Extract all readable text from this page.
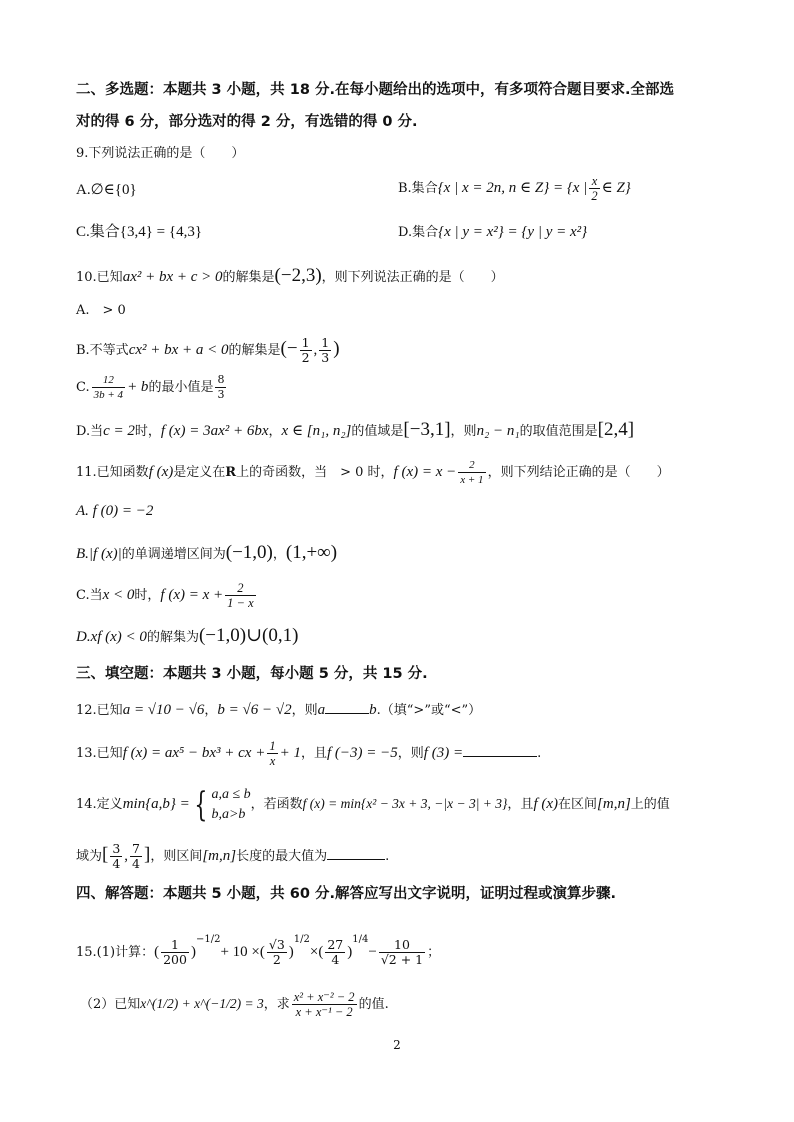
二、多选题：本题共 3 小题，共 18 分.在每小题给出的选项中，有多项符合题目要求.全部选
对的得 6 分，部分选对的得 2 分，有选错的得 0 分.
9.下列说法正确的是（　　）
A.∅∈{0}	B.集合{x | x = 2n, n ∈ Z} = {x | $\frac{x}{2}$ ∈ Z}
C.集合{3,4} = {4,3}	D.集合{x | y = x²} = {y | y = x²}
10.已知ax² + bx + c > 0的解集是(−2,3)，则下列说法正确的是（　　）
A.　> 0
B.不等式cx² + bx + a < 0的解集是(− $\frac{1}{2}$ , $\frac{1}{3}$ )
C. $\frac{12}{3b + 4} + b$的最小值是 $\frac{8}{3}$
D.当c = 2时，f (x) = 3ax² + 6bx，x ∈ [n₁, n₂]的值域是[−3,1]，则n₂ − n₁的取值范围是[2,4]
11.已知函数f (x)是定义在R上的奇函数，当　> 0 时，f $(x) = x - \frac{2}{x + 1}$ ，则下列结论正确的是（　　）
A. f (0) = −2
B.|f (x)|的单调递增区间为(−1,0)，(1,+∞)
C.当x < 0时，f $(x) = x + \frac{2}{1 - x}$
D.xf (x) < 0的解集为(−1,0)∪(0,1)
三、填空题：本题共 3 小题，每小题 5 分，共 15 分.
12.已知a = √10 − √6，b = √6 − √2，则a	b.（填“>”或“<”）
13.已知f (x) = ax⁵ − bx³ + cx + $\frac{1}{x} + 1$，且f (−3) = −5，则f (3) =	.
14.定义min{a,b} = { a,a ≤ b
b,a>b
，若函数f (x) = min{x² − 3x + 3, −|x − 3| + 3}，且f (x)在区间[m,n]上的值
域为[ $\frac{3}{4}$ , $\frac{7}{4}$ ]，则区间[m,n]长度的最大值为	.
四、解答题：本题共 5 小题，共 60 分.解答应写出文字说明，证明过程或演算步骤.
15.(1)计算：( $\frac{1}{200} )^{-1/2}+ 10$ ×( $\frac{√3}{2} )^{1/2}\times( \frac{27}{4} )^{1/4}- \frac{10}{√2 + 1}$ ；
（2）已知x^(1/2) + x^(−1/2) = 3，求 $\frac{\text{x² + x⁻² − 2}}{\text{x + x⁻¹ − 2}}$ 的值.
2
